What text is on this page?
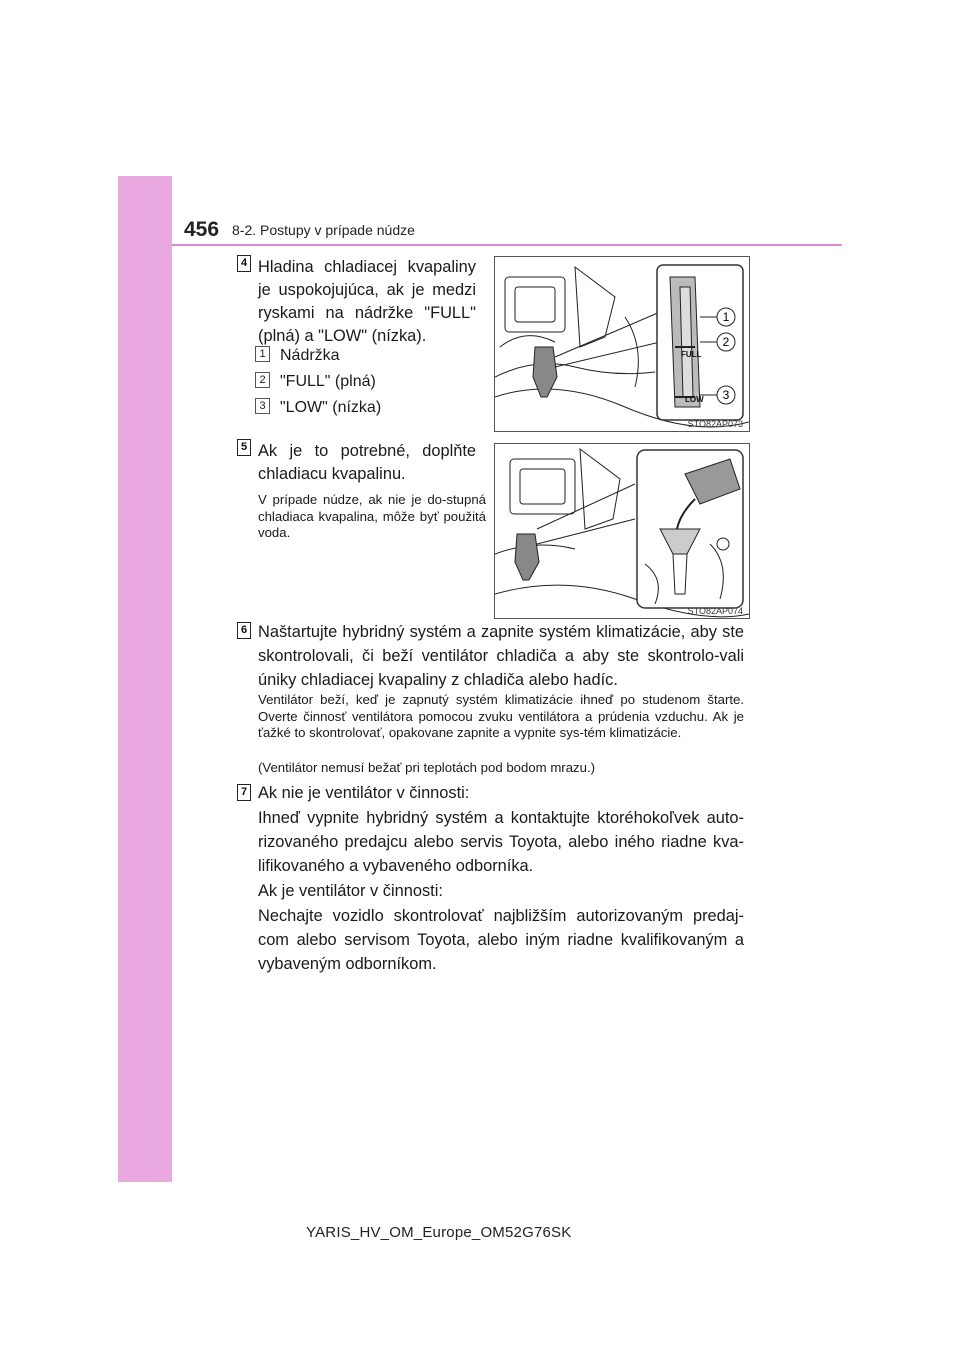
456 8-2. Postupy v prípade núdze
4 Hladina chladiacej kvapaliny je uspokojujúca, ak je medzi ryskami na nádržke "FULL" (plná) a "LOW" (nízka).
1 Nádržka
2 "FULL" (plná)
3 "LOW" (nízka)
FULL
LOW
1
2
3
STO82AP073
5 Ak je to potrebné, doplňte chladiacu kvapalinu.
V prípade núdze, ak nie je do-stupná chladiaca kvapalina, môže byť použitá voda.
STO82AP074
6 Naštartujte hybridný systém a zapnite systém klimatizácie, aby ste skontrolovali, či beží ventilátor chladiča a aby ste skontrolo-vali úniky chladiacej kvapaliny z chladiča alebo hadíc.
Ventilátor beží, keď je zapnutý systém klimatizácie ihneď po studenom štarte. Overte činnosť ventilátora pomocou zvuku ventilátora a prúdenia vzduchu. Ak je ťažké to skontrolovať, opakovane zapnite a vypnite sys-tém klimatizácie.
(Ventilátor nemusí bežať pri teplotách pod bodom mrazu.)
7 Ak nie je ventilátor v činnosti:
Ihneď vypnite hybridný systém a kontaktujte ktoréhokoľvek auto-rizovaného predajcu alebo servis Toyota, alebo iného riadne kva-lifikovaného a vybaveného odborníka.
Ak je ventilátor v činnosti:
Nechajte vozidlo skontrolovať najbližším autorizovaným predaj-com alebo servisom Toyota, alebo iným riadne kvalifikovaným a vybaveným odborníkom.
YARIS_HV_OM_Europe_OM52G76SK
